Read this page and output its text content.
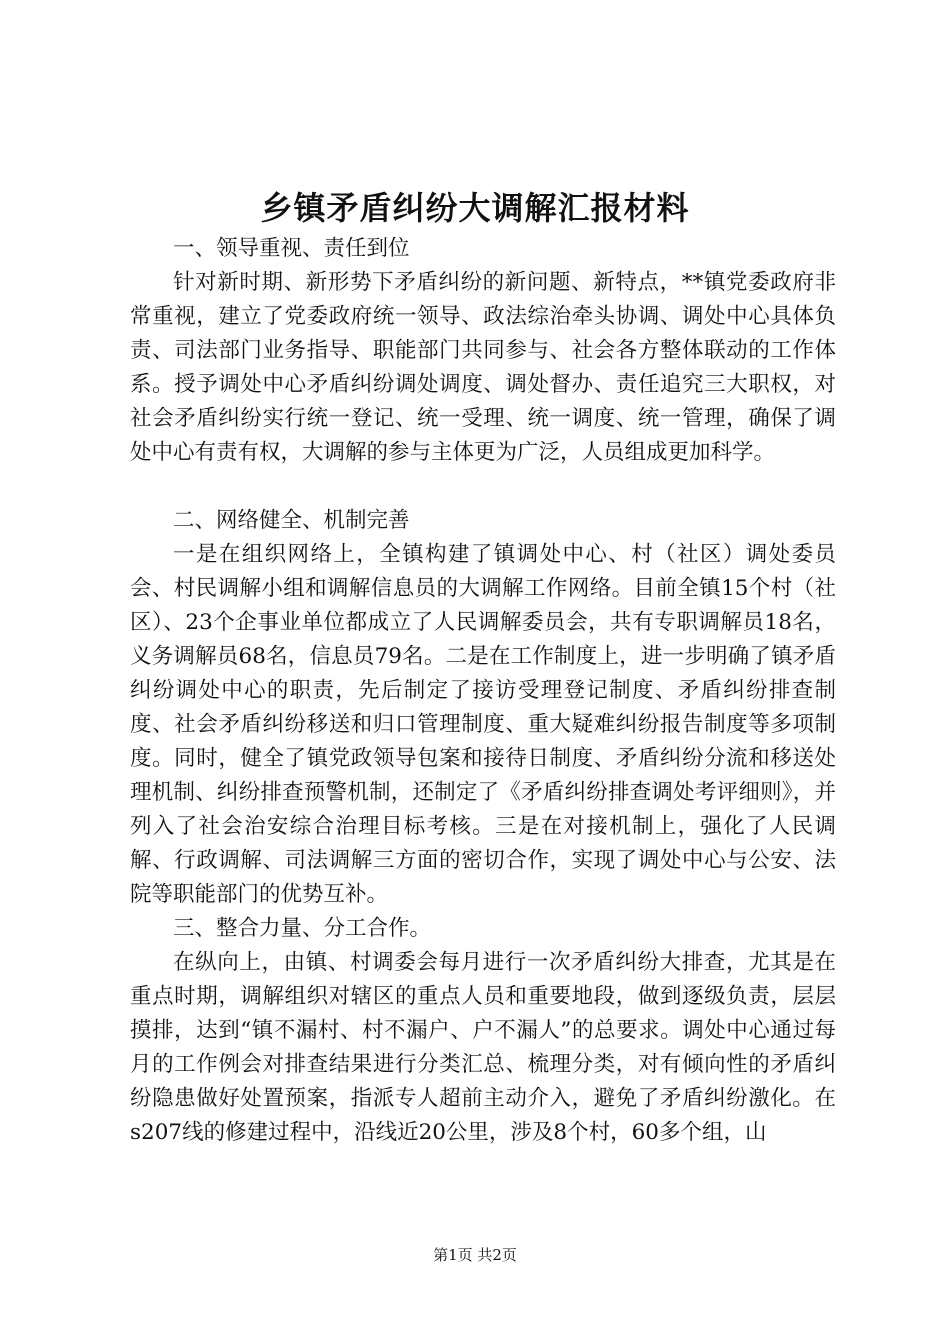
乡镇矛盾纠纷大调解汇报材料

一、领导重视、责任到位

针对新时期、新形势下矛盾纠纷的新问题、新特点，**镇党委政府非常重视，建立了党委政府统一领导、政法综治牵头协调、调处中心具体负责、司法部门业务指导、职能部门共同参与、社会各方整体联动的工作体系。授予调处中心矛盾纠纷调处调度、调处督办、责任追究三大职权，对社会矛盾纠纷实行统一登记、统一受理、统一调度、统一管理，确保了调处中心有责有权，大调解的参与主体更为广泛，人员组成更加科学。

二、网络健全、机制完善

一是在组织网络上，全镇构建了镇调处中心、村（社区）调处委员会、村民调解小组和调解信息员的大调解工作网络。目前全镇15个村（社区）、23个企事业单位都成立了人民调解委员会，共有专职调解员18名，义务调解员68名，信息员79名。二是在工作制度上，进一步明确了镇矛盾纠纷调处中心的职责，先后制定了接访受理登记制度、矛盾纠纷排查制度、社会矛盾纠纷移送和归口管理制度、重大疑难纠纷报告制度等多项制度。同时，健全了镇党政领导包案和接待日制度、矛盾纠纷分流和移送处理机制、纠纷排查预警机制，还制定了《矛盾纠纷排查调处考评细则》，并列入了社会治安综合治理目标考核。三是在对接机制上，强化了人民调解、行政调解、司法调解三方面的密切合作，实现了调处中心与公安、法院等职能部门的优势互补。

三、整合力量、分工合作。

在纵向上，由镇、村调委会每月进行一次矛盾纠纷大排查，尤其是在重点时期，调解组织对辖区的重点人员和重要地段，做到逐级负责，层层摸排，达到“镇不漏村、村不漏户、户不漏人”的总要求。调处中心通过每月的工作例会对排查结果进行分类汇总、梳理分类，对有倾向性的矛盾纠纷隐患做好处置预案，指派专人超前主动介入，避免了矛盾纠纷激化。在s207线的修建过程中，沿线近20公里，涉及8个村，60多个组，山

第1页 共2页
